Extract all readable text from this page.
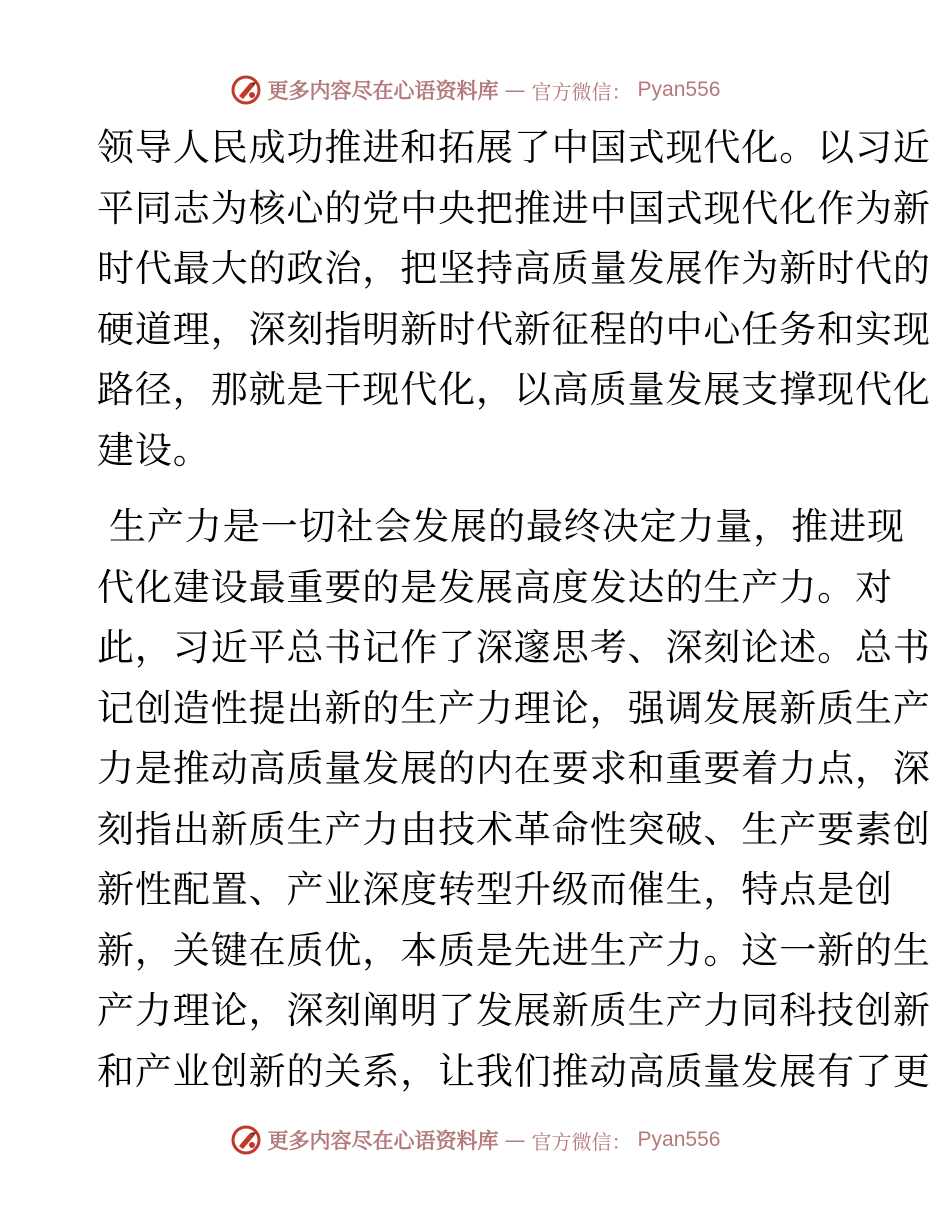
更多内容尽在心语资料库 — 官方微信： Pyan556
领导人民成功推进和拓展了中国式现代化。以习近
平同志为核心的党中央把推进中国式现代化作为新
时代最大的政治，把坚持高质量发展作为新时代的
硬道理，深刻指明新时代新征程的中心任务和实现
路径，那就是干现代化，以高质量发展支撑现代化
建设。
生产力是一切社会发展的最终决定力量，推进现
代化建设最重要的是发展高度发达的生产力。对
此，习近平总书记作了深邃思考、深刻论述。总书
记创造性提出新的生产力理论，强调发展新质生产
力是推动高质量发展的内在要求和重要着力点，深
刻指出新质生产力由技术革命性突破、生产要素创
新性配置、产业深度转型升级而催生，特点是创
新，关键在质优，本质是先进生产力。这一新的生
产力理论，深刻阐明了发展新质生产力同科技创新
和产业创新的关系，让我们推动高质量发展有了更
更多内容尽在心语资料库 — 官方微信： Pyan556
